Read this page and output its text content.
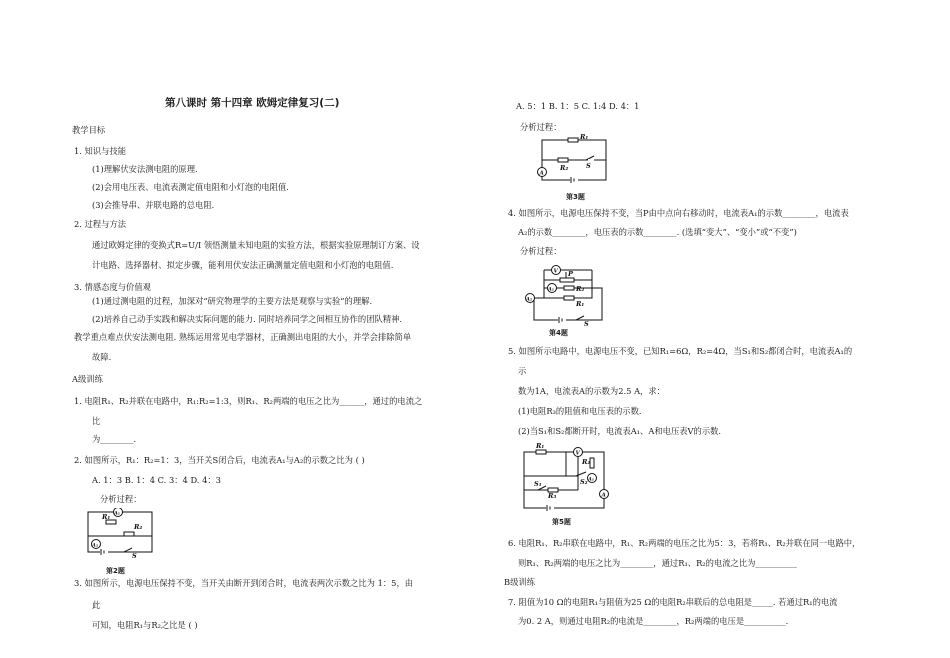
第八课时 第十四章 欧姆定律复习(二)
教学目标
1. 知识与技能
(1)理解伏安法测电阻的原理.
(2)会用电压表、电流表测定值电阻和小灯泡的电阻值.
(3)会推导串、并联电路的总电阻.
2. 过程与方法
通过欧姆定律的变换式R=U/I 领悟测量未知电阻的实验方法，根据实验原理制订方案、设
计电路、选择器材、拟定步骤，能利用伏安法正确测量定值电阻和小灯泡的电阻值.
3. 情感态度与价值观
(1)通过测电阻的过程，加深对“研究物理学的主要方法是观察与实验”的理解.
(2)培养自己动手实践和解决实际问题的能力. 同时培养同学之间相互协作的团队精神.
教学重点难点伏安法测电阻. 熟练运用常见电学器材，正确测出电阻的大小，并学会排除简单
故障.
A级训练
1. 电阻R₁、R₂并联在电路中，R₁:R₂=1:3，则R₁、R₂两端的电压之比为______，通过的电流之
比
为________.
2. 如图所示，R₁：R₂=1：3，当开关S闭合后，电流表A₁与A₂的示数之比为 ( )
A. 1：3 B. 1：4 C. 3：4 D. 4：3
分析过程：
R₁
R₂
A₁
A₂
S
第2题
3. 如图所示，电源电压保持不变，当开关由断开到闭合时，电流表两次示数之比为 1：5，由
此
可知，电阻R₁与R₂之比是 ( )
A. 5：1 B. 1：5 C. 1:4 D. 4：1
分析过程：
R₁
R₂
A
S
第3题
4. 如图所示，电源电压保持不变，当P由中点向右移动时，电流表A₁的示数________，电流表
A₂的示数________，电压表的示数________. (选填“变大”、“变小”或“不变”)
分析过程：
V
A₁
A₂
P
R₂
R₁
S
第4题
5. 如图所示电路中，电源电压不变，已知R₁=6Ω，R₂=4Ω，当S₁和S₂都闭合时，电流表A₁的
示
数为1A，电流表A的示数为2.5 A，求：
(1)电阻R₃的阻值和电压表的示数.
(2)当S₁和S₂都断开时，电流表A₁、A和电压表V的示数.
V
A₁
A
R₁
R₂
R₃
S₂
S₁
第5题
6. 电阻R₁、R₂串联在电路中，R₁、R₂两端的电压之比为5：3，若将R₁、R₂并联在同一电路中，
则R₁、R₂两端的电压之比为________，通过R₁、R₂的电流之比为__________
B级训练
7. 阻值为10 Ω的电阻R₁与阻值为25 Ω的电阻R₂串联后的总电阻是_____. 若通过R₁的电流
为0. 2 A，则通过电阻R₂的电流是________，R₂两端的电压是__________.
